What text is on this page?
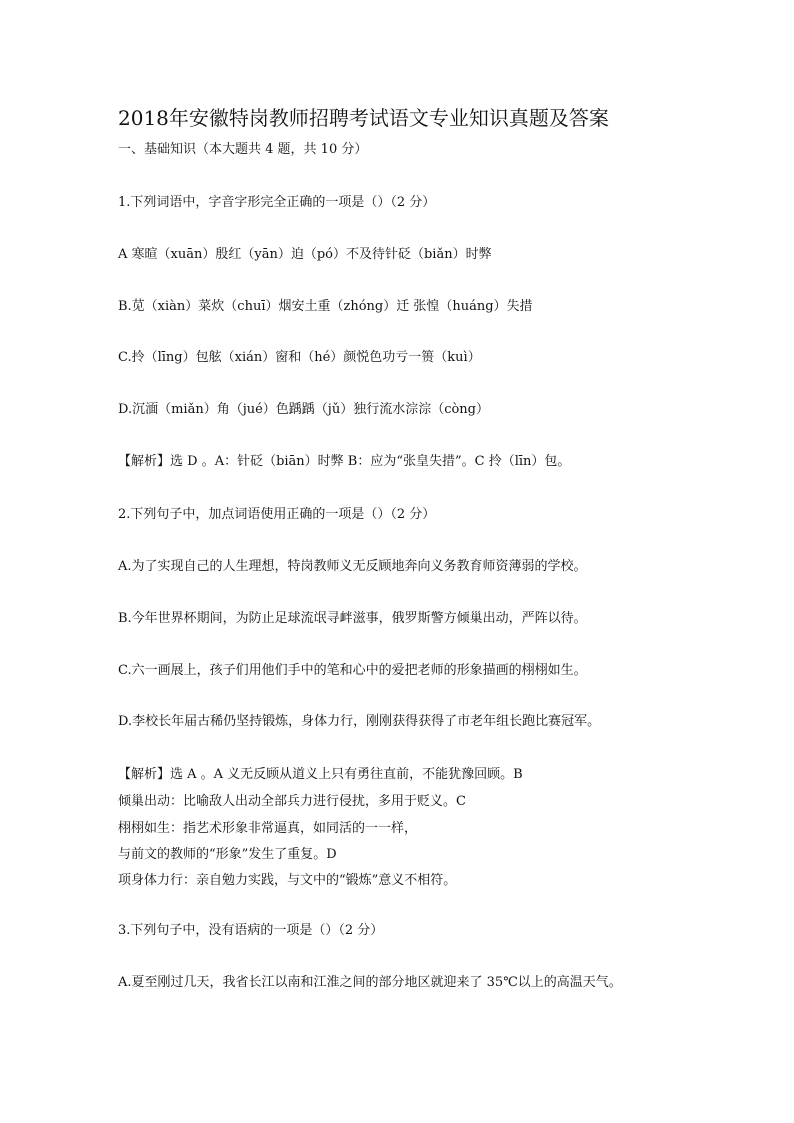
2018年安徽特岗教师招聘考试语文专业知识真题及答案
一、基础知识（本大题共 4 题，共 10 分）
1.下列词语中，字音字形完全正确的一项是（）（2 分）
A 寒暄（xuān）殷红（yān）迫（pó）不及待针砭（biǎn）时弊
B.苋（xiàn）菜炊（chuī）烟安土重（zhóng）迁 张惶（huáng）失措
C.拎（līng）包舷（xián）窗和（hé）颜悦色功亏一篑（kuì）
D.沉湎（miǎn）角（jué）色踽踽（jǔ）独行流水淙淙（còng）
【解析】选 D 。A：针砭（biān）时弊 B：应为“张皇失措”。C 拎（līn）包。
2.下列句子中，加点词语使用正确的一项是（）（2 分）
A.为了实现自己的人生理想，特岗教师义无反顾地奔向义务教育师资薄弱的学校。
B.今年世界杯期间，为防止足球流氓寻衅滋事，俄罗斯警方倾巢出动，严阵以待。
C.六一画展上，孩子们用他们手中的笔和心中的爱把老师的形象描画的栩栩如生。
D.李校长年届古稀仍坚持锻炼，身体力行，刚刚获得获得了市老年组长跑比赛冠军。
【解析】选 A 。A 义无反顾从道义上只有勇往直前，不能犹豫回顾。B
倾巢出动：比喻敌人出动全部兵力进行侵扰，多用于贬义。C
栩栩如生：指艺术形象非常逼真，如同活的一一样，
与前文的教师的“形象”发生了重复。D
项身体力行：亲自勉力实践，与文中的“锻炼”意义不相符。
3.下列句子中，没有语病的一项是（）（2 分）
A.夏至刚过几天，我省长江以南和江淮之间的部分地区就迎来了 35℃以上的高温天气。
